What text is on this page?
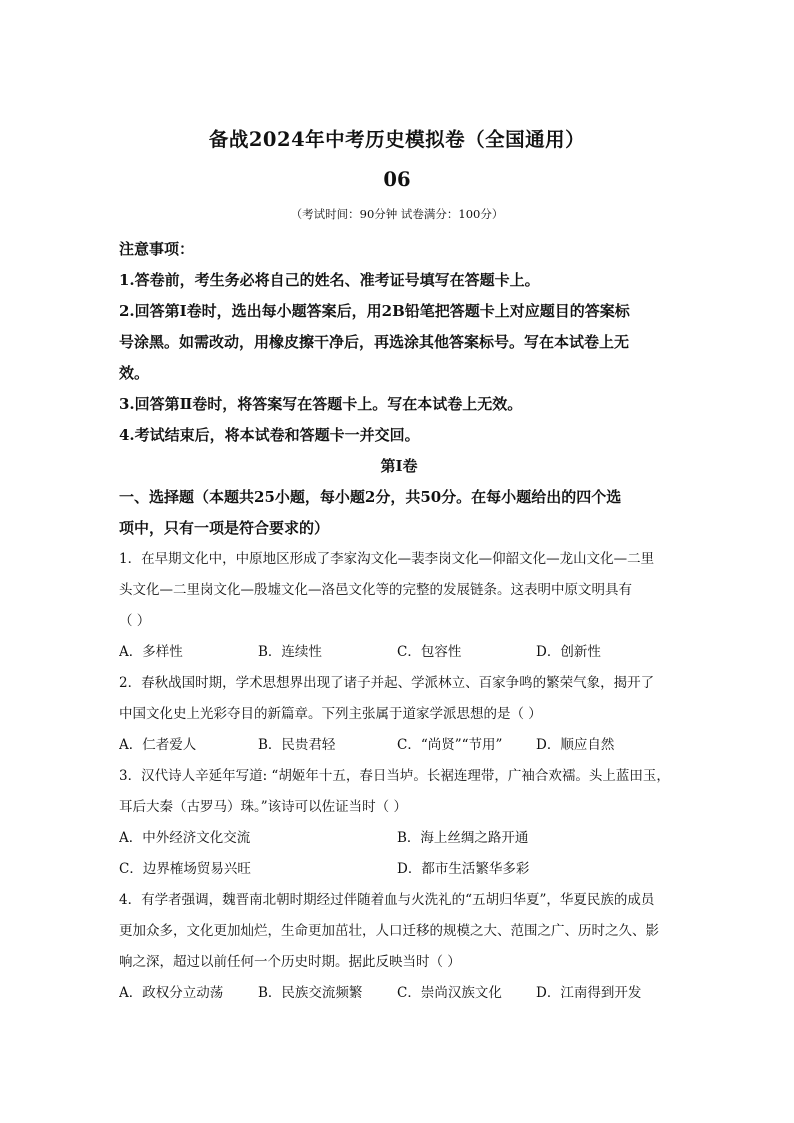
备战2024年中考历史模拟卷（全国通用）
06
（考试时间：90分钟 试卷满分：100分）
注意事项：
1.答卷前，考生务必将自己的姓名、准考证号填写在答题卡上。
2.回答第Ⅰ卷时，选出每小题答案后，用2B铅笔把答题卡上对应题目的答案标
号涂黑。如需改动，用橡皮擦干净后，再选涂其他答案标号。写在本试卷上无
效。
3.回答第Ⅱ卷时，将答案写在答题卡上。写在本试卷上无效。
4.考试结束后，将本试卷和答题卡一并交回。
第Ⅰ卷
一、选择题（本题共25小题，每小题2分，共50分。在每小题给出的四个选
项中，只有一项是符合要求的）
1．在早期文化中，中原地区形成了李家沟文化—裴李岗文化—仰韶文化—龙山文化—二里
头文化—二里岗文化—殷墟文化—洛邑文化等的完整的发展链条。这表明中原文明具有
（ ）
A．多样性	B．连续性	C．包容性	D．创新性
2．春秋战国时期，学术思想界出现了诸子并起、学派林立、百家争鸣的繁荣气象，揭开了
中国文化史上光彩夺目的新篇章。下列主张属于道家学派思想的是（ ）
A．仁者爱人	B．民贵君轻	C．“尚贤”“节用”	D．顺应自然
3．汉代诗人辛延年写道: “胡姬年十五，春日当垆。长裾连理带，广袖合欢襦。头上蓝田玉，
耳后大秦（古罗马）珠。”该诗可以佐证当时（ ）
A．中外经济文化交流	B．海上丝绸之路开通
C．边界榷场贸易兴旺	D．都市生活繁华多彩
4．有学者强调，魏晋南北朝时期经过伴随着血与火洗礼的“五胡归华夏”，华夏民族的成员
更加众多，文化更加灿烂，生命更加茁壮，人口迁移的规模之大、范围之广、历时之久、影
响之深，超过以前任何一个历史时期。据此反映当时（ ）
A．政权分立动荡	B．民族交流频繁	C．崇尚汉族文化	D．江南得到开发
